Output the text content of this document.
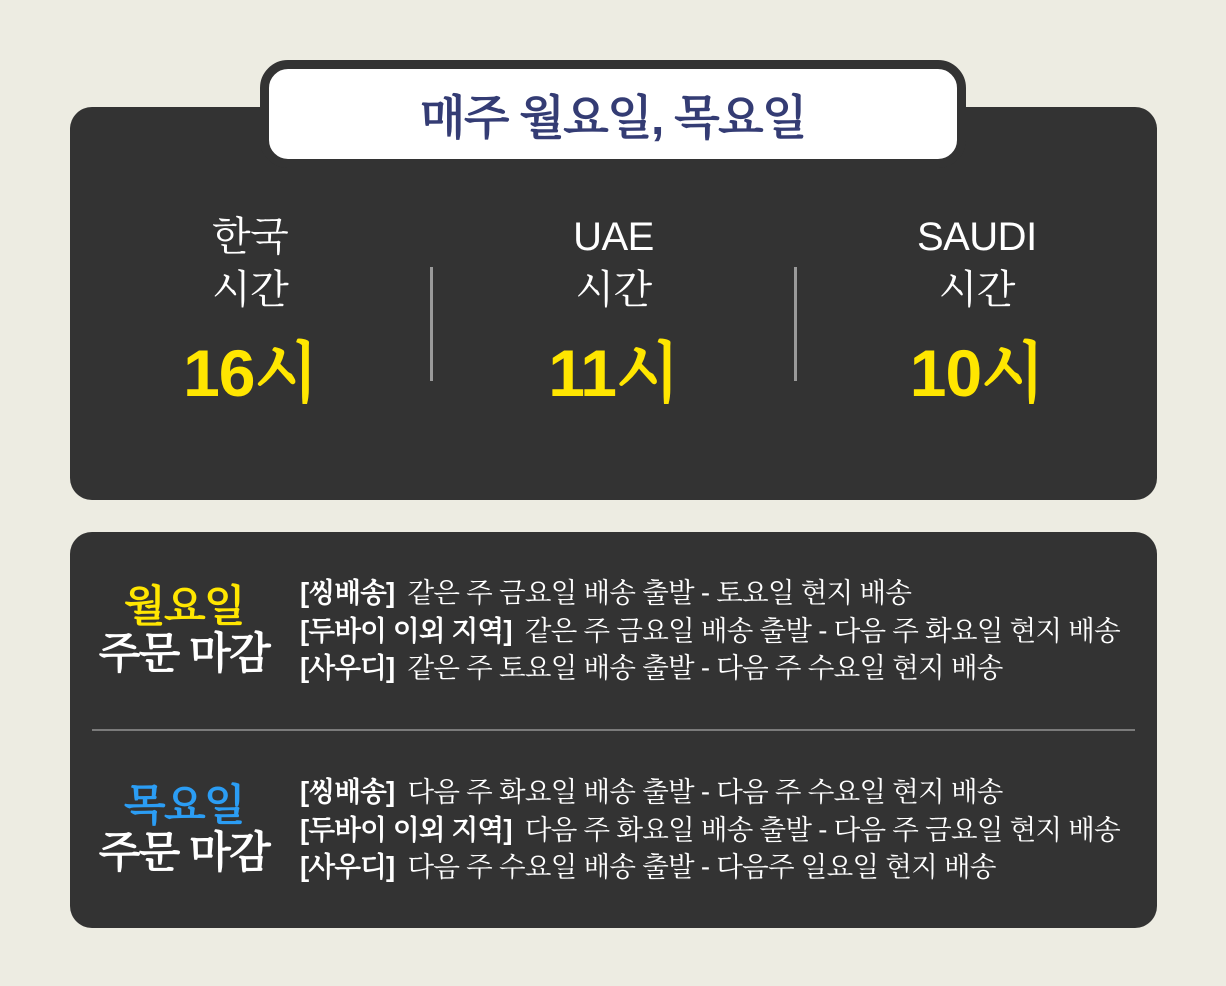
매주 월요일, 목요일
한국
시간
16시
UAE
시간
11시
SAUDI
시간
10시
월요일
주문 마감
[씽배송] 같은 주 금요일 배송 출발 - 토요일 현지 배송
[두바이 이외 지역] 같은 주 금요일 배송 출발 - 다음 주 화요일 현지 배송
[사우디] 같은 주 토요일 배송 출발 - 다음 주 수요일 현지 배송
목요일
주문 마감
[씽배송] 다음 주 화요일 배송 출발 - 다음 주 수요일 현지 배송
[두바이 이외 지역] 다음 주 화요일 배송 출발 - 다음 주 금요일 현지 배송
[사우디] 다음 주 수요일 배송 출발 - 다음주 일요일 현지 배송
